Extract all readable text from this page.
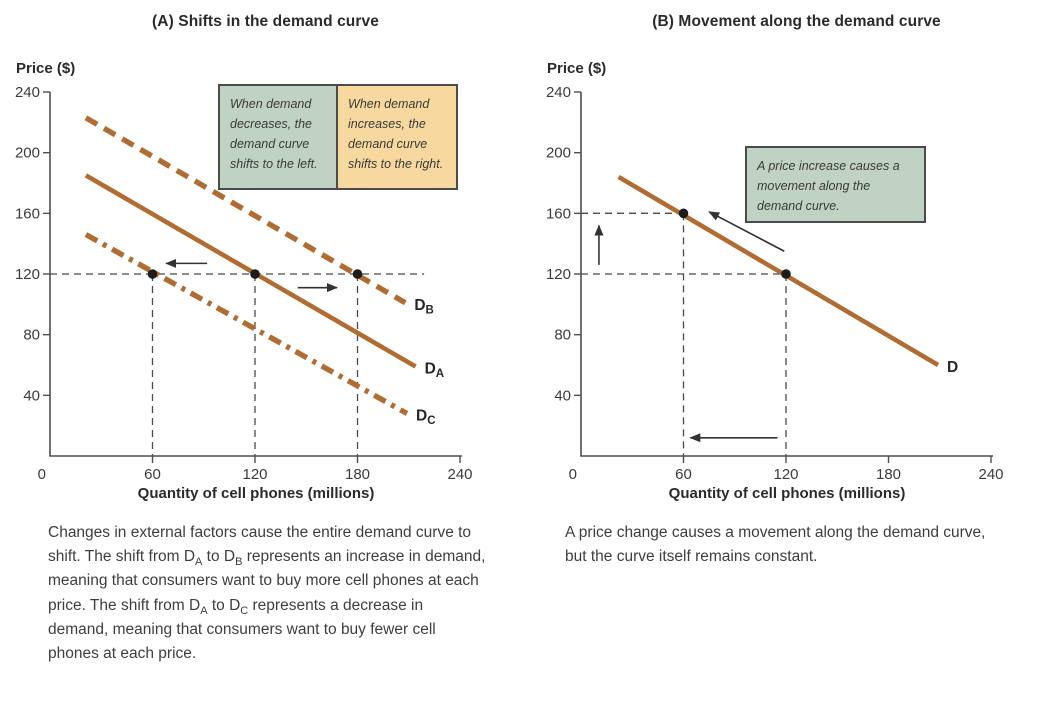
(A) Shifts in the demand curve
$D_B$
$D_A$
$D_C$
40
80
120
160
200
240
0	60	120	180	240
Price ($)
Quantity of cell phones (millions)
When demand decreases, the demand curve shifts to the left.
When demand increases, the demand curve shifts to the right.

Changes in external factors cause the entire demand curve to shift. The shift from $D_A$ to $D_B$ represents an increase in demand, meaning that consumers want to buy more cell phones at each price. The shift from $D_A$ to $D_C$ represents a decrease in demand, meaning that consumers want to buy fewer cell phones at each price.

(B) Movement along the demand curve
D
40
80
120
160
200
240
0	60	120	180	240
Price ($)
Quantity of cell phones (millions)
A price increase causes a movement along the demand curve.

A price change causes a movement along the demand curve, but the curve itself remains constant.
